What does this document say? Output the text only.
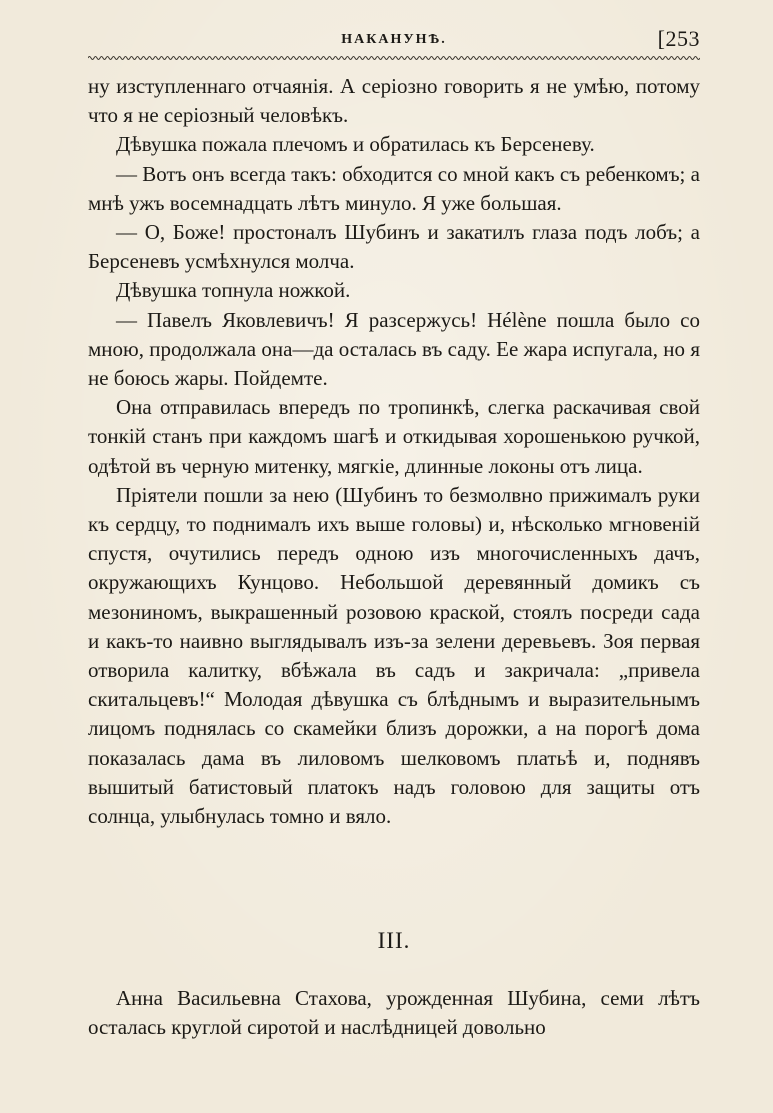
НАКАНУНѢ.	[253

ну изступленнаго отчаянія. А серіозно говорить я не умѣю, потому что я не серіозный человѣкъ.

Дѣвушка пожала плечомъ и обратилась къ Берсеневу.

— Вотъ онъ всегда такъ: обходится со мной какъ съ ребенкомъ; а мнѣ ужъ восемнадцать лѣтъ минуло. Я уже большая.

— О, Боже! простоналъ Шубинъ и закатилъ глаза подъ лобъ; а Берсеневъ усмѣхнулся молча.

Дѣвушка топнула ножкой.

— Павелъ Яковлевичъ! Я разсержусь! Hélène пошла было со мною, продолжала она—да осталась въ саду. Ее жара испугала, но я не боюсь жары. Пойдемте.

Она отправилась впередъ по тропинкѣ, слегка раскачивая свой тонкій станъ при каждомъ шагѣ и откидывая хорошенькою ручкой, одѣтой въ черную митенку, мягкіе, длинные локоны отъ лица.

Пріятели пошли за нею (Шубинъ то безмолвно прижималъ руки къ сердцу, то поднималъ ихъ выше головы) и, нѣсколько мгновеній спустя, очутились передъ одною изъ многочисленныхъ дачъ, окружающихъ Кунцово. Небольшой деревянный домикъ съ мезониномъ, выкрашенный розовою краской, стоялъ посреди сада и какъ-то наивно выглядывалъ изъ-за зелени деревьевъ. Зоя первая отворила калитку, вбѣжала въ садъ и закричала: „привела скитальцевъ!“ Молодая дѣвушка съ блѣднымъ и выразительнымъ лицомъ поднялась со скамейки близъ дорожки, а на порогѣ дома показалась дама въ лиловомъ шелковомъ платьѣ и, поднявъ вышитый батистовый платокъ надъ головою для защиты отъ солнца, улыбнулась томно и вяло.

III.

Анна Васильевна Стахова, урожденная Шубина, семи лѣтъ осталась круглой сиротой и наслѣдницей довольно
